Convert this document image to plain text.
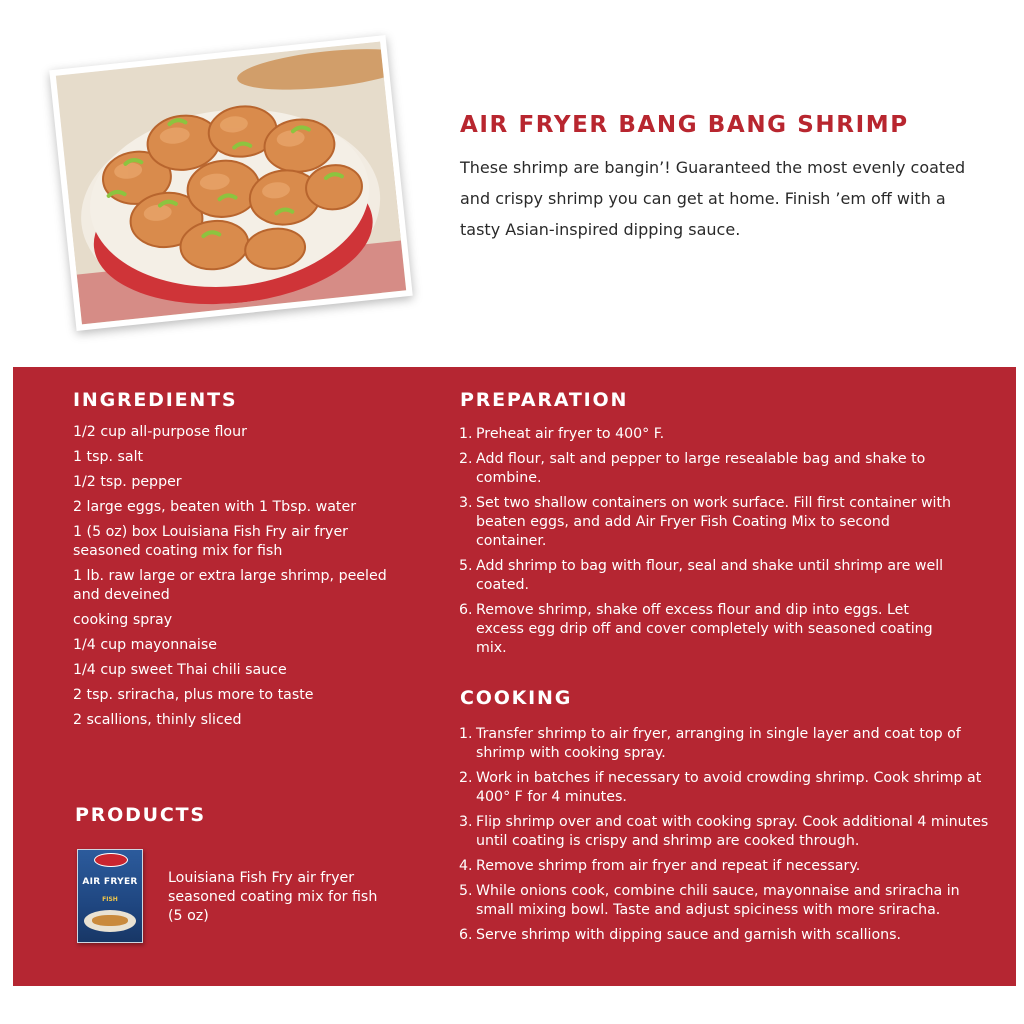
AIR FRYER BANG BANG SHRIMP

These shrimp are bangin’! Guaranteed the most evenly coated and crispy shrimp you can get at home. Finish ’em off with a tasty Asian-inspired dipping sauce.

INGREDIENTS
1/2 cup all-purpose flour
1 tsp. salt
1/2 tsp. pepper
2 large eggs, beaten with 1 Tbsp. water
1 (5 oz) box Louisiana Fish Fry air fryer seasoned coating mix for fish
1 lb. raw large or extra large shrimp, peeled and deveined
cooking spray
1/4 cup mayonnaise
1/4 cup sweet Thai chili sauce
2 tsp. sriracha, plus more to taste
2 scallions, thinly sliced
PREPARATION
1. Preheat air fryer to 400° F.
2. Add flour, salt and pepper to large resealable bag and shake to combine.
3. Set two shallow containers on work surface. Fill first container with beaten eggs, and add Air Fryer Fish Coating Mix to second container.
5. Add shrimp to bag with flour, seal and shake until shrimp are well coated.
6. Remove shrimp, shake off excess flour and dip into eggs. Let excess egg drip off and cover completely with seasoned coating mix.
COOKING
1. Transfer shrimp to air fryer, arranging in single layer and coat top of shrimp with cooking spray.
2. Work in batches if necessary to avoid crowding shrimp. Cook shrimp at 400° F for 4 minutes.
3. Flip shrimp over and coat with cooking spray. Cook additional 4 minutes until coating is crispy and shrimp are cooked through.
4. Remove shrimp from air fryer and repeat if necessary.
5. While onions cook, combine chili sauce, mayonnaise and sriracha in small mixing bowl. Taste and adjust spiciness with more sriracha.
6. Serve shrimp with dipping sauce and garnish with scallions.
PRODUCTS
AIR FRYER
FISH

Louisiana Fish Fry air fryer seasoned coating mix for fish (5 oz)
